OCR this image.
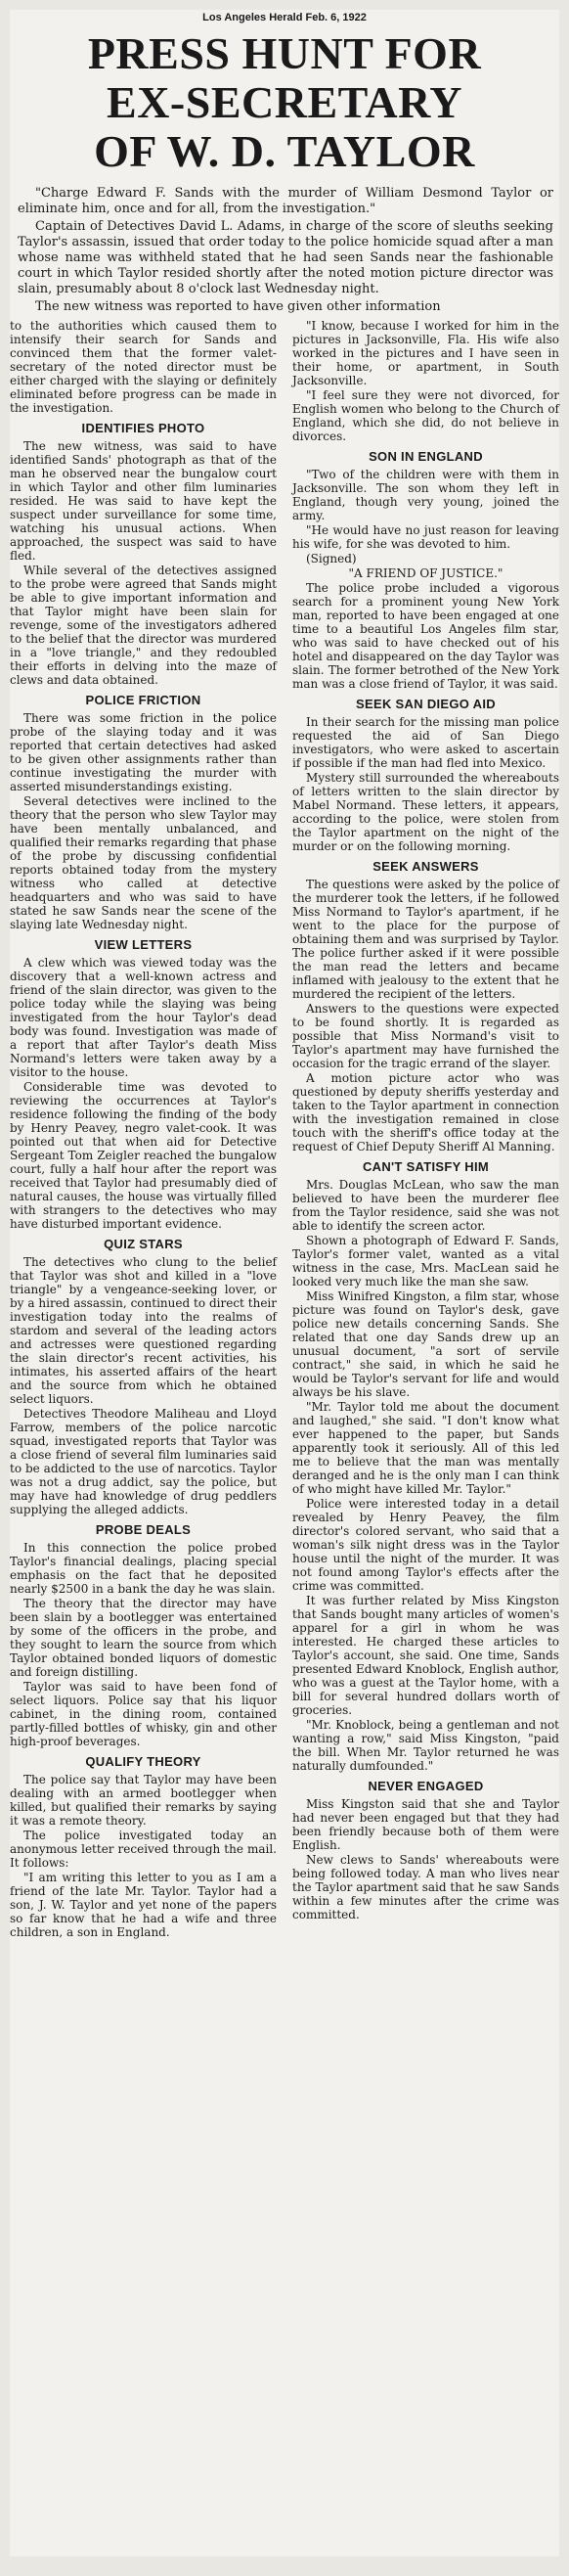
Los Angeles Herald Feb. 6, 1922
PRESS HUNT FOR
EX-SECRETARY
OF W. D. TAYLOR

"Charge Edward F. Sands with the murder of William Desmond Taylor or eliminate him, once and for all, from the investigation."

Captain of Detectives David L. Adams, in charge of the score of sleuths seeking Taylor's assassin, issued that order today to the police homicide squad after a man whose name was withheld stated that he had seen Sands near the fashionable court in which Taylor resided shortly after the noted motion picture director was slain, presumably about 8 o'clock last Wednesday night.

The new witness was reported to have given other information

to the authorities which caused them to intensify their search for Sands and convinced them that the former valet-secretary of the noted director must be either charged with the slaying or definitely eliminated before progress can be made in the investigation.

IDENTIFIES PHOTO

The new witness, was said to have identified Sands' photograph as that of the man he observed near the bungalow court in which Taylor and other film luminaries resided. He was said to have kept the suspect under surveillance for some time, watching his unusual actions. When approached, the suspect was said to have fled.

While several of the detectives assigned to the probe were agreed that Sands might be able to give important information and that Taylor might have been slain for revenge, some of the investigators adhered to the belief that the director was murdered in a "love triangle," and they redoubled their efforts in delving into the maze of clews and data obtained.

POLICE FRICTION

There was some friction in the police probe of the slaying today and it was reported that certain detectives had asked to be given other assignments rather than continue investigating the murder with asserted misunderstandings existing.

Several detectives were inclined to the theory that the person who slew Taylor may have been mentally unbalanced, and qualified their remarks regarding that phase of the probe by discussing confidential reports obtained today from the mystery witness who called at detective headquarters and who was said to have stated he saw Sands near the scene of the slaying late Wednesday night.

VIEW LETTERS

A clew which was viewed today was the discovery that a well-known actress and friend of the slain director, was given to the police today while the slaying was being investigated from the hour Taylor's dead body was found. Investigation was made of a report that after Taylor's death Miss Normand's letters were taken away by a visitor to the house.

Considerable time was devoted to reviewing the occurrences at Taylor's residence following the finding of the body by Henry Peavey, negro valet-cook. It was pointed out that when aid for Detective Sergeant Tom Zeigler reached the bungalow court, fully a half hour after the report was received that Taylor had presumably died of natural causes, the house was virtually filled with strangers to the detectives who may have disturbed important evidence.

QUIZ STARS

The detectives who clung to the belief that Taylor was shot and killed in a "love triangle" by a vengeance-seeking lover, or by a hired assassin, continued to direct their investigation today into the realms of stardom and several of the leading actors and actresses were questioned regarding the slain director's recent activities, his intimates, his asserted affairs of the heart and the source from which he obtained select liquors.

Detectives Theodore Maliheau and Lloyd Farrow, members of the police narcotic squad, investigated reports that Taylor was a close friend of several film luminaries said to be addicted to the use of narcotics. Taylor was not a drug addict, say the police, but may have had knowledge of drug peddlers supplying the alleged addicts.

PROBE DEALS

In this connection the police probed Taylor's financial dealings, placing special emphasis on the fact that he deposited nearly $2500 in a bank the day he was slain.

The theory that the director may have been slain by a bootlegger was entertained by some of the officers in the probe, and they sought to learn the source from which Taylor obtained bonded liquors of domestic and foreign distilling.

Taylor was said to have been fond of select liquors. Police say that his liquor cabinet, in the dining room, contained partly-filled bottles of whisky, gin and other high-proof beverages.

QUALIFY THEORY

The police say that Taylor may have been dealing with an armed bootlegger when killed, but qualified their remarks by saying it was a remote theory.

The police investigated today an anonymous letter received through the mail. It follows:

"I am writing this letter to you as I am a friend of the late Mr. Taylor. Taylor had a son, J. W. Taylor and yet none of the papers so far know that he had a wife and three children, a son in England.

"I know, because I worked for him in the pictures in Jacksonville, Fla. His wife also worked in the pictures and I have seen in their home, or apartment, in South Jacksonville.

"I feel sure they were not divorced, for English women who belong to the Church of England, which she did, do not believe in divorces.

SON IN ENGLAND

"Two of the children were with them in Jacksonville. The son whom they left in England, though very young, joined the army.

"He would have no just reason for leaving his wife, for she was devoted to him.

(Signed)

"A FRIEND OF JUSTICE."

The police probe included a vigorous search for a prominent young New York man, reported to have been engaged at one time to a beautiful Los Angeles film star, who was said to have checked out of his hotel and disappeared on the day Taylor was slain. The former betrothed of the New York man was a close friend of Taylor, it was said.

SEEK SAN DIEGO AID

In their search for the missing man police requested the aid of San Diego investigators, who were asked to ascertain if possible if the man had fled into Mexico.

Mystery still surrounded the whereabouts of letters written to the slain director by Mabel Normand. These letters, it appears, according to the police, were stolen from the Taylor apartment on the night of the murder or on the following morning.

SEEK ANSWERS

The questions were asked by the police of the murderer took the letters, if he followed Miss Normand to Taylor's apartment, if he went to the place for the purpose of obtaining them and was surprised by Taylor. The police further asked if it were possible the man read the letters and became inflamed with jealousy to the extent that he murdered the recipient of the letters.

Answers to the questions were expected to be found shortly. It is regarded as possible that Miss Normand's visit to Taylor's apartment may have furnished the occasion for the tragic errand of the slayer.

A motion picture actor who was questioned by deputy sheriffs yesterday and taken to the Taylor apartment in connection with the investigation remained in close touch with the sheriff's office today at the request of Chief Deputy Sheriff Al Manning.

CAN'T SATISFY HIM

Mrs. Douglas McLean, who saw the man believed to have been the murderer flee from the Taylor residence, said she was not able to identify the screen actor.

Shown a photograph of Edward F. Sands, Taylor's former valet, wanted as a vital witness in the case, Mrs. MacLean said he looked very much like the man she saw.

Miss Winifred Kingston, a film star, whose picture was found on Taylor's desk, gave police new details concerning Sands. She related that one day Sands drew up an unusual document, "a sort of servile contract," she said, in which he said he would be Taylor's servant for life and would always be his slave.

"Mr. Taylor told me about the document and laughed," she said. "I don't know what ever happened to the paper, but Sands apparently took it seriously. All of this led me to believe that the man was mentally deranged and he is the only man I can think of who might have killed Mr. Taylor."

Police were interested today in a detail revealed by Henry Peavey, the film director's colored servant, who said that a woman's silk night dress was in the Taylor house until the night of the murder. It was not found among Taylor's effects after the crime was committed.

It was further related by Miss Kingston that Sands bought many articles of women's apparel for a girl in whom he was interested. He charged these articles to Taylor's account, she said. One time, Sands presented Edward Knoblock, English author, who was a guest at the Taylor home, with a bill for several hundred dollars worth of groceries.

"Mr. Knoblock, being a gentleman and not wanting a row," said Miss Kingston, "paid the bill. When Mr. Taylor returned he was naturally dumfounded."

NEVER ENGAGED

Miss Kingston said that she and Taylor had never been engaged but that they had been friendly because both of them were English.

New clews to Sands' whereabouts were being followed today. A man who lives near the Taylor apartment said that he saw Sands within a few minutes after the crime was committed.
